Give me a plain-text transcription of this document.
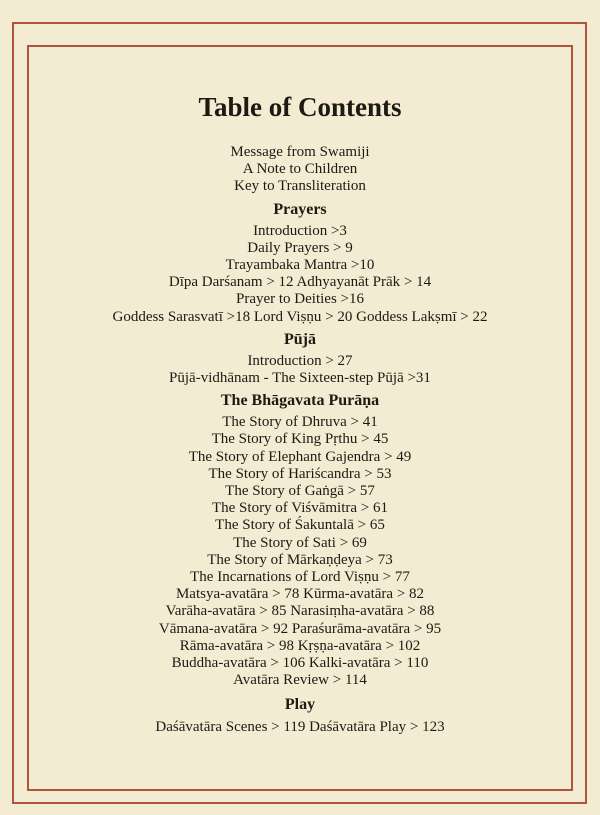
Table of Contents
Message from Swamiji
A Note to Children
Key to Transliteration
Prayers
Introduction >3
Daily Prayers > 9
Trayambaka Mantra >10
Dīpa Darśanam > 12 Adhyayanāt Prāk > 14
Prayer to Deities >16
Goddess Sarasvatī >18 Lord Viṣṇu > 20 Goddess Lakṣmī > 22
Pūjā
Introduction > 27
Pūjā-vidhānam - The Sixteen-step Pūjā >31
The Bhāgavata Purāṇa
The Story of Dhruva > 41
The Story of King Pṛthu > 45
The Story of Elephant Gajendra > 49
The Story of Hariścandra > 53
The Story of Gaṅgā > 57
The Story of Viśvāmitra > 61
The Story of Śakuntalā > 65
The Story of Sati > 69
The Story of Mārkaṇḍeya > 73
The Incarnations of Lord Viṣṇu > 77
Matsya-avatāra > 78 Kūrma-avatāra > 82
Varāha-avatāra > 85 Narasiṃha-avatāra > 88
Vāmana-avatāra > 92 Paraśurāma-avatāra > 95
Rāma-avatāra > 98 Kṛṣṇa-avatāra > 102
Buddha-avatāra > 106 Kalki-avatāra > 110
Avatāra Review > 114
Play
Daśāvatāra Scenes > 119 Daśāvatāra Play > 123
